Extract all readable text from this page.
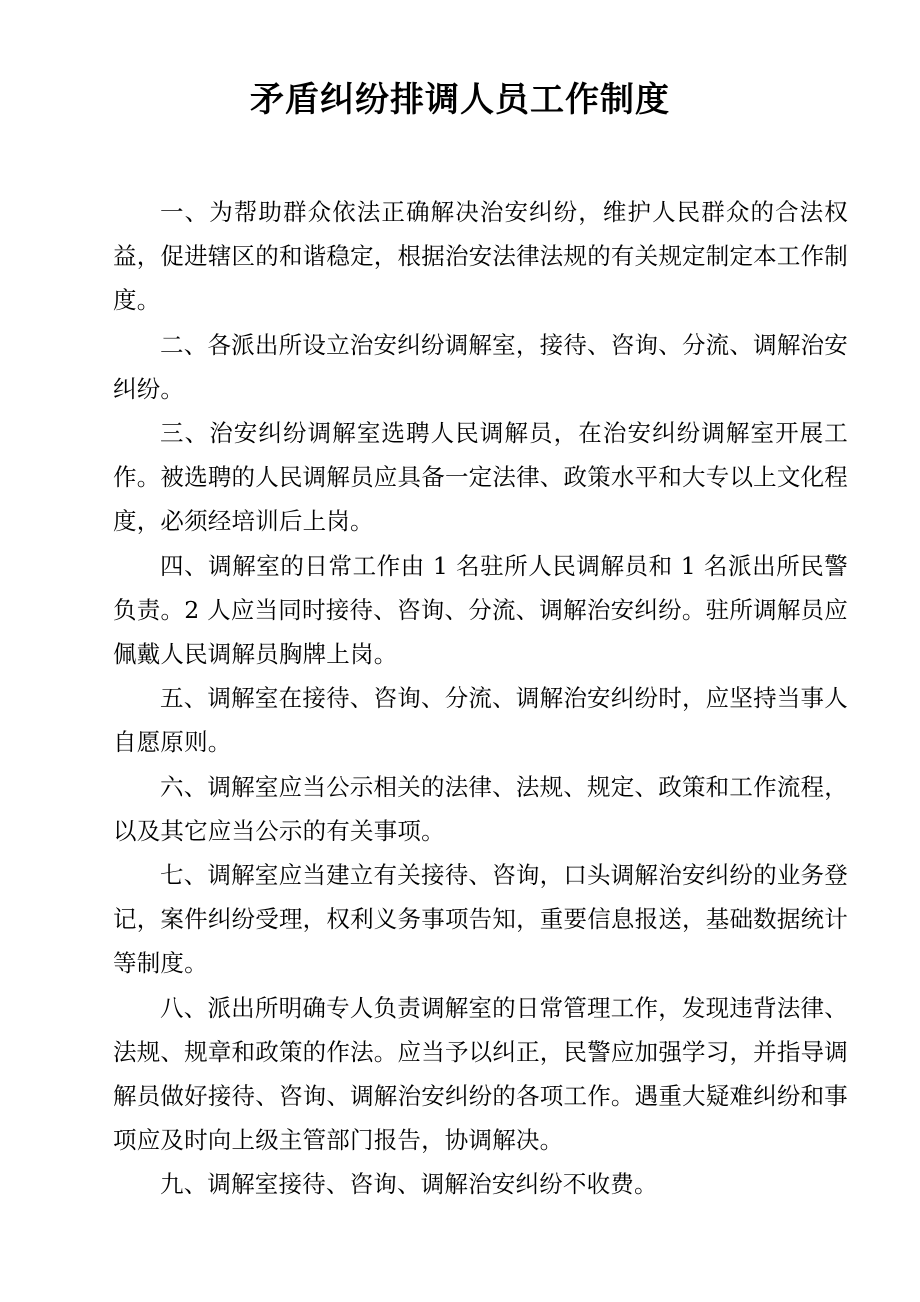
矛盾纠纷排调人员工作制度

一、为帮助群众依法正确解决治安纠纷，维护人民群众的合法权益，促进辖区的和谐稳定，根据治安法律法规的有关规定制定本工作制度。

二、各派出所设立治安纠纷调解室，接待、咨询、分流、调解治安纠纷。

三、治安纠纷调解室选聘人民调解员，在治安纠纷调解室开展工作。被选聘的人民调解员应具备一定法律、政策水平和大专以上文化程度，必须经培训后上岗。

四、调解室的日常工作由 1 名驻所人民调解员和 1 名派出所民警负责。2 人应当同时接待、咨询、分流、调解治安纠纷。驻所调解员应佩戴人民调解员胸牌上岗。

五、调解室在接待、咨询、分流、调解治安纠纷时，应坚持当事人自愿原则。

六、调解室应当公示相关的法律、法规、规定、政策和工作流程，以及其它应当公示的有关事项。

七、调解室应当建立有关接待、咨询，口头调解治安纠纷的业务登记，案件纠纷受理，权利义务事项告知，重要信息报送，基础数据统计等制度。

八、派出所明确专人负责调解室的日常管理工作，发现违背法律、法规、规章和政策的作法。应当予以纠正，民警应加强学习，并指导调解员做好接待、咨询、调解治安纠纷的各项工作。遇重大疑难纠纷和事项应及时向上级主管部门报告，协调解决。

九、调解室接待、咨询、调解治安纠纷不收费。
